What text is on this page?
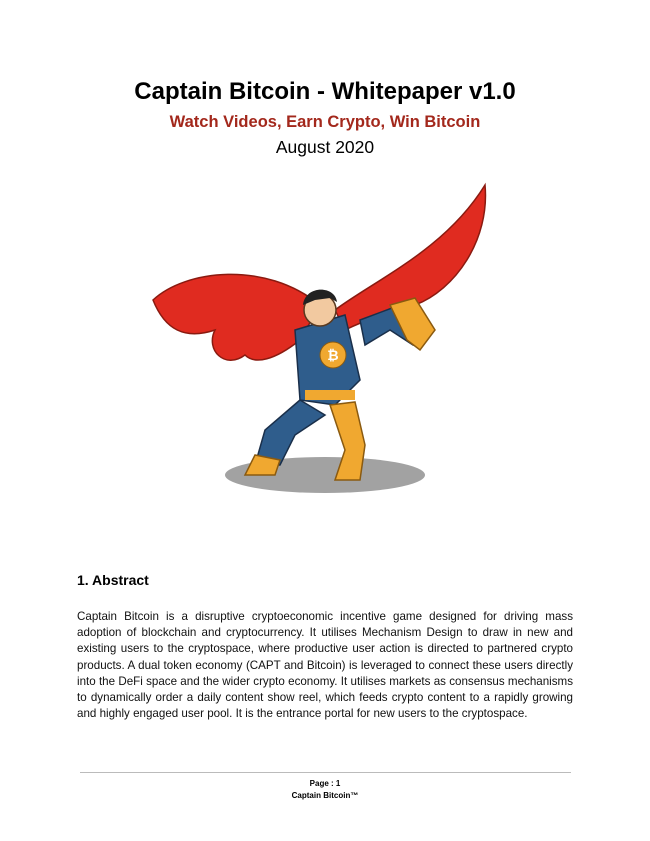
Captain Bitcoin - Whitepaper v1.0
Watch Videos, Earn Crypto, Win Bitcoin
August 2020
₿
1. Abstract
Captain Bitcoin is a disruptive cryptoeconomic incentive game designed for driving mass adoption of blockchain and cryptocurrency. It utilises Mechanism Design to draw in new and existing users to the cryptospace, where productive user action is directed to partnered crypto products. A dual token economy (CAPT and Bitcoin) is leveraged to connect these users directly into the DeFi space and the wider crypto economy. It utilises markets as consensus mechanisms to dynamically order a daily content show reel, which feeds crypto content to a rapidly growing and highly engaged user pool. It is the entrance portal for new users to the cryptospace.
Page : 1
Captain Bitcoin™
